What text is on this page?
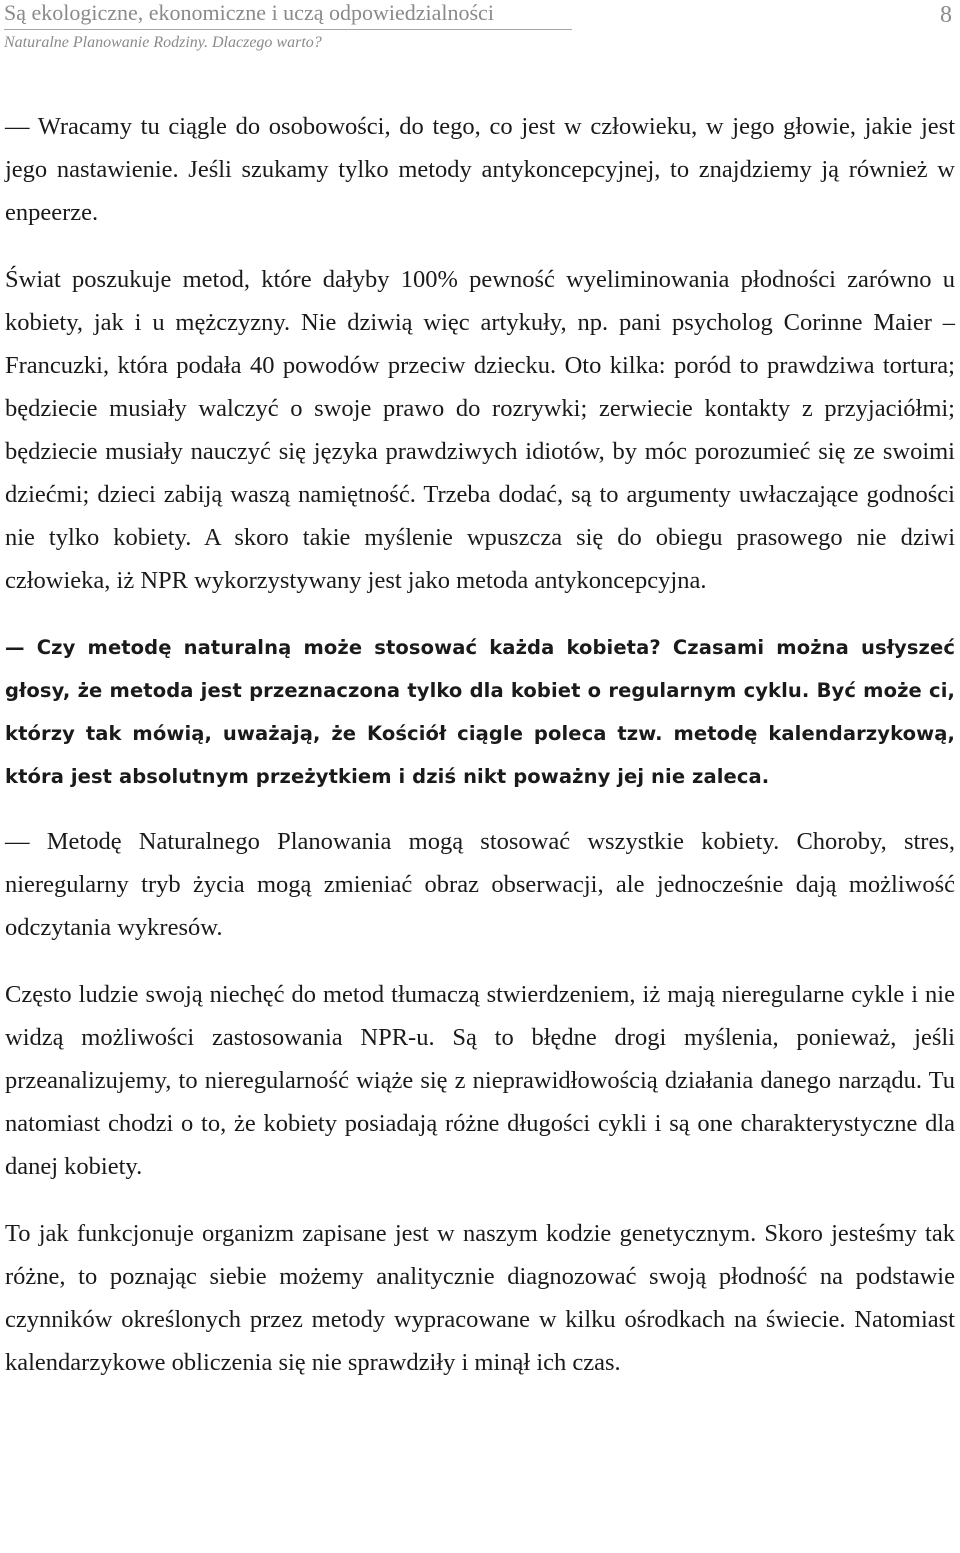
Są ekologiczne, ekonomiczne i uczą odpowiedzialności
Naturalne Planowanie Rodziny. Dlaczego warto?
8

— Wracamy tu ciągle do osobowości, do tego, co jest w człowieku, w jego głowie, jakie jest jego nastawienie. Jeśli szukamy tylko metody antykoncepcyjnej, to znajdziemy ją również w enpeerze.

Świat poszukuje metod, które dałyby 100% pewność wyeliminowania płodności zarówno u kobiety, jak i u mężczyzny. Nie dziwią więc artykuły, np. pani psycholog Corinne Maier – Francuzki, która podała 40 powodów przeciw dziecku. Oto kilka: poród to prawdziwa tortura; będziecie musiały walczyć o swoje prawo do rozrywki; zerwiecie kontakty z przyjaciółmi; będziecie musiały nauczyć się języka prawdziwych idiotów, by móc porozumieć się ze swoimi dziećmi; dzieci zabiją waszą namiętność. Trzeba dodać, są to argumenty uwłaczające godności nie tylko kobiety. A skoro takie myślenie wpuszcza się do obiegu prasowego nie dziwi człowieka, iż NPR wykorzystywany jest jako metoda antykoncepcyjna.

— Czy metodę naturalną może stosować każda kobieta? Czasami można usłyszeć głosy, że metoda jest przeznaczona tylko dla kobiet o regularnym cyklu. Być może ci, którzy tak mówią, uważają, że Kościół ciągle poleca tzw. metodę kalendarzykową, która jest absolutnym przeżytkiem i dziś nikt poważny jej nie zaleca.

— Metodę Naturalnego Planowania mogą stosować wszystkie kobiety. Choroby, stres, nieregularny tryb życia mogą zmieniać obraz obserwacji, ale jednocześnie dają możliwość odczytania wykresów.

Często ludzie swoją niechęć do metod tłumaczą stwierdzeniem, iż mają nieregularne cykle i nie widzą możliwości zastosowania NPR-u. Są to błędne drogi myślenia, ponieważ, jeśli przeanalizujemy, to nieregularność wiąże się z nieprawidłowością działania danego narządu. Tu natomiast chodzi o to, że kobiety posiadają różne długości cykli i są one charakterystyczne dla danej kobiety.

To jak funkcjonuje organizm zapisane jest w naszym kodzie genetycznym. Skoro jesteśmy tak różne, to poznając siebie możemy analitycznie diagnozować swoją płodność na podstawie czynników określonych przez metody wypracowane w kilku ośrodkach na świecie. Natomiast kalendarzykowe obliczenia się nie sprawdziły i minął ich czas.
